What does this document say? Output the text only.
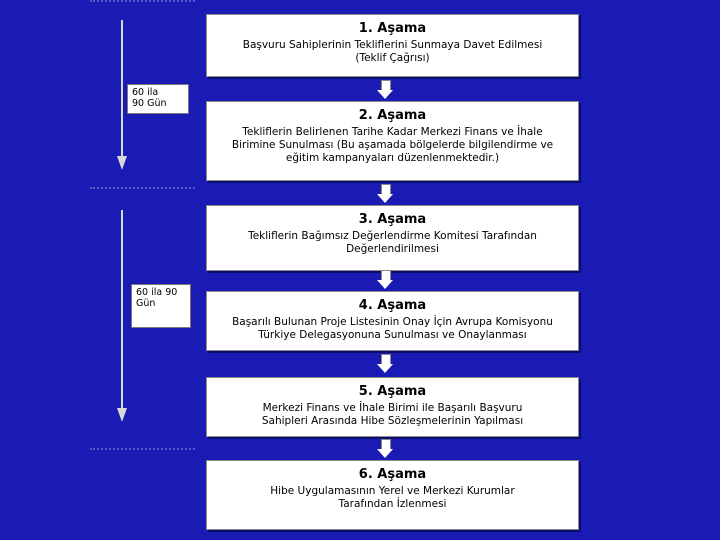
60 ila
90 Gün
60 ila 90
Gün
1. Aşama
Başvuru Sahiplerinin Tekliflerini Sunmaya Davet Edilmesi
(Teklif Çağrısı)
2. Aşama
Tekliflerin Belirlenen Tarihe Kadar Merkezi Finans ve İhale
Birimine Sunulması (Bu aşamada bölgelerde bilgilendirme ve
eğitim kampanyaları düzenlenmektedir.)
3. Aşama
Tekliflerin Bağımsız Değerlendirme Komitesi Tarafından
Değerlendirilmesi
4. Aşama
Başarılı Bulunan Proje Listesinin Onay İçin Avrupa Komisyonu
Türkiye Delegasyonuna Sunulması ve Onaylanması
5. Aşama
Merkezi Finans ve İhale Birimi ile Başarılı Başvuru
Sahipleri Arasında Hibe Sözleşmelerinin Yapılması
6. Aşama
Hibe Uygulamasının Yerel ve Merkezi Kurumlar
Tarafından İzlenmesi
